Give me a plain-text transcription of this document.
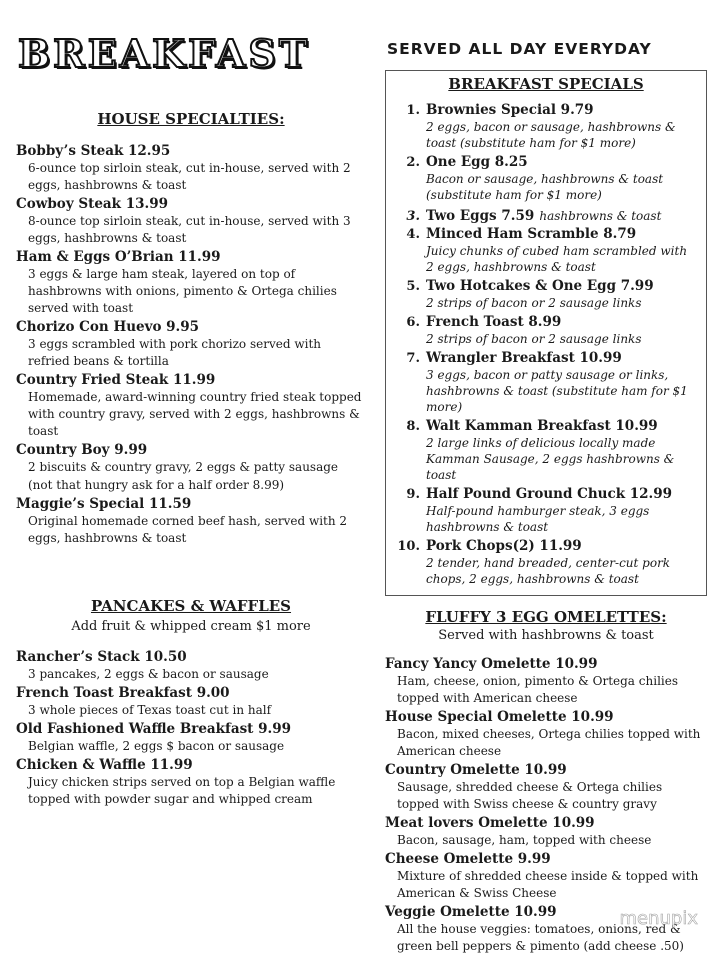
BREAKFAST

HOUSE SPECIALTIES:

Bobby’s Steak 12.95

6-ounce top sirloin steak, cut in-house, served with 2 eggs, hashbrowns & toast

Cowboy Steak 13.99

8-ounce top sirloin steak, cut in-house, served with 3 eggs, hashbrowns & toast

Ham & Eggs O’Brian 11.99

3 eggs & large ham steak, layered on top of hashbrowns with onions, pimento & Ortega chilies served with toast

Chorizo Con Huevo 9.95

3 eggs scrambled with pork chorizo served with refried beans & tortilla

Country Fried Steak 11.99

Homemade, award-winning country fried steak topped with country gravy, served with 2 eggs, hashbrowns & toast

Country Boy 9.99

2 biscuits & country gravy, 2 eggs & patty sausage

(not that hungry ask for a half order 8.99)

Maggie’s Special 11.59

Original homemade corned beef hash, served with 2 eggs, hashbrowns & toast

PANCAKES & WAFFLES

Add fruit & whipped cream $1 more

Rancher’s Stack 10.50

3 pancakes, 2 eggs & bacon or sausage

French Toast Breakfast 9.00

3 whole pieces of Texas toast cut in half

Old Fashioned Waffle Breakfast 9.99

Belgian waffle, 2 eggs $ bacon or sausage

Chicken & Waffle 11.99

Juicy chicken strips served on top a Belgian waffle topped with powder sugar and whipped cream

SERVED ALL DAY EVERYDAY

BREAKFAST SPECIALS

1. Brownies Special 9.79

2 eggs, bacon or sausage, hashbrowns & toast (substitute ham for $1 more)

2. One Egg 8.25

Bacon or sausage, hashbrowns & toast (substitute ham for $1 more)

3. Two Eggs 7.59
hashbrowns & toast
4. Minced Ham Scramble 8.79

Juicy chunks of cubed ham scrambled with 2 eggs, hashbrowns & toast

5. Two Hotcakes & One Egg 7.99

2 strips of bacon or 2 sausage links

6. French Toast 8.99

2 strips of bacon or 2 sausage links

7. Wrangler Breakfast 10.99

3 eggs, bacon or patty sausage or links, hashbrowns & toast (substitute ham for $1 more)

8. Walt Kamman Breakfast 10.99

2 large links of delicious locally made Kamman Sausage, 2 eggs hashbrowns & toast

9. Half Pound Ground Chuck 12.99

Half-pound hamburger steak, 3 eggs hashbrowns & toast

10. Pork Chops(2) 11.99

2 tender, hand breaded, center-cut pork chops, 2 eggs, hashbrowns & toast

FLUFFY 3 EGG OMELETTES:

Served with hashbrowns & toast

Fancy Yancy Omelette 10.99

Ham, cheese, onion, pimento & Ortega chilies topped with American cheese

House Special Omelette 10.99

Bacon, mixed cheeses, Ortega chilies topped with American cheese

Country Omelette 10.99

Sausage, shredded cheese & Ortega chilies topped with Swiss cheese & country gravy

Meat lovers Omelette 10.99

Bacon, sausage, ham, topped with cheese

Cheese Omelette 9.99

Mixture of shredded cheese inside & topped with American & Swiss Cheese

Veggie Omelette 10.99

All the house veggies: tomatoes, onions, red & green bell peppers & pimento (add cheese .50)

menupix
